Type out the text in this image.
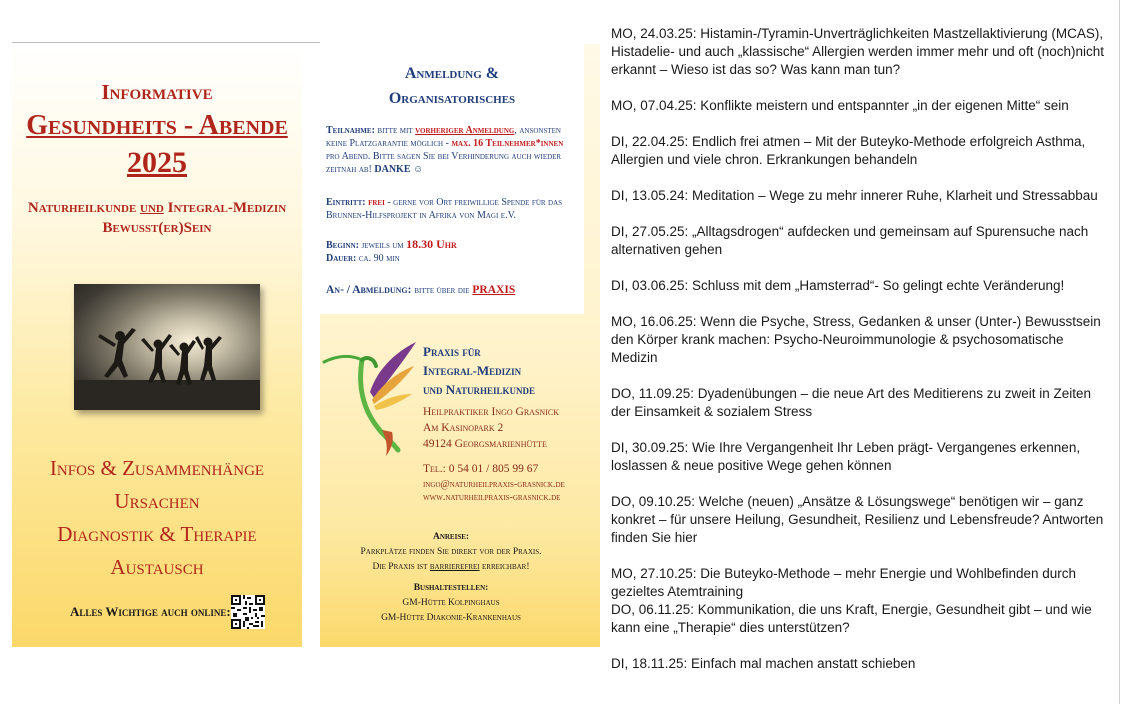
Informative
Gesundheits - Abende
2025
Naturheilkunde und Integral-Medizin
Bewusst(er)Sein
Infos & Zusammenhänge
Ursachen
Diagnostik & Therapie
Austausch
Alles Wichtige auch online:
Anmeldung &
Organisatorisches
Teilnahme: bitte mit vorheriger Anmeldung, ansonsten keine Platzgarantie möglich - max. 16 Teilnehmer*innen pro Abend. Bitte sagen Sie bei Verhinderung auch wieder zeitnah ab! DANKE ☺
Eintritt: frei - gerne vor Ort freiwillige Spende für das Brunnen-Hilfsprojekt in Afrika von Magi e.V.
Beginn: jeweils um 18.30 Uhr
Dauer: ca. 90 min
An- / Abmeldung: bitte über die PRAXIS
Praxis für
Integral-Medizin
und Naturheilkunde
Heilpraktiker Ingo Grasnick
Am Kasinopark 2
49124 Georgsmarienhütte
Tel.: 0 54 01 / 805 99 67
ingo@naturheilpraxis-grasnick.de
www.naturheilpraxis-grasnick.de
Anreise:
Parkplätze finden Sie direkt vor der Praxis.
Die Praxis ist barrierefrei erreichbar!
Bushaltestellen:
GM-Hütte Kolpinghaus
GM-Hütte Diakonie-Krankenhaus

MO, 24.03.25: Histamin-/Tyramin-Unverträglichkeiten Mastzellaktivierung (MCAS), Histadelie- und auch „klassische“ Allergien werden immer mehr und oft (noch)nicht erkannt – Wieso ist das so? Was kann man tun?

MO, 07.04.25: Konflikte meistern und entspannter „in der eigenen Mitte“ sein

DI, 22.04.25: Endlich frei atmen – Mit der Buteyko-Methode erfolgreich Asthma, Allergien und viele chron. Erkrankungen behandeln

DI, 13.05.24: Meditation – Wege zu mehr innerer Ruhe, Klarheit und Stressabbau

DI, 27.05.25: „Alltagsdrogen“ aufdecken und gemeinsam auf Spurensuche nach alternativen gehen

DI, 03.06.25: Schluss mit dem „Hamsterrad“- So gelingt echte Veränderung!

MO, 16.06.25: Wenn die Psyche, Stress, Gedanken & unser (Unter-) Bewusstsein den Körper krank machen: Psycho-Neuroimmunologie & psychosomatische Medizin

DO, 11.09.25: Dyadenübungen – die neue Art des Meditierens zu zweit in Zeiten der Einsamkeit & sozialem Stress

DI, 30.09.25: Wie Ihre Vergangenheit Ihr Leben prägt- Vergangenes erkennen, loslassen & neue positive Wege gehen können

DO, 09.10.25: Welche (neuen) „Ansätze & Lösungswege“ benötigen wir – ganz konkret – für unsere Heilung, Gesundheit, Resilienz und Lebensfreude? Antworten finden Sie hier

MO, 27.10.25: Die Buteyko-Methode – mehr Energie und Wohlbefinden durch gezieltes Atemtraining

DO, 06.11.25: Kommunikation, die uns Kraft, Energie, Gesundheit gibt – und wie kann eine „Therapie“ dies unterstützen?

DI, 18.11.25: Einfach mal machen anstatt schieben
